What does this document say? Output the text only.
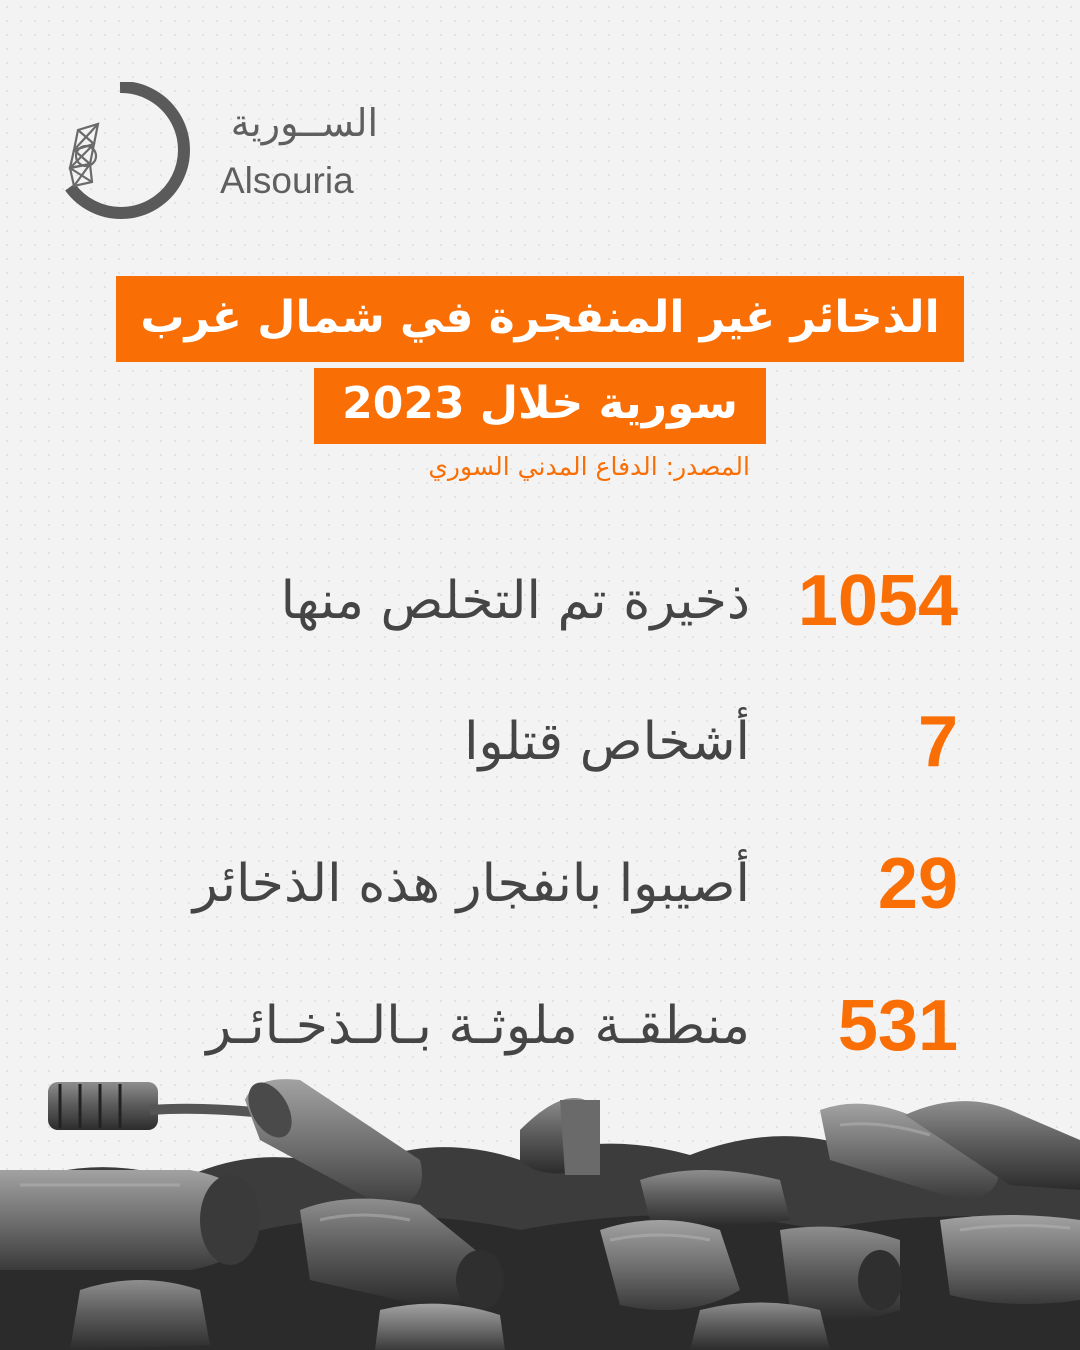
الســورية
Alsouria
الذخائر غير المنفجرة في شمال غرب
سورية خلال 2023
المصدر: الدفاع المدني السوري
1054
ذخيرة تم التخلص منها
7
أشخاص قتلوا
29
أصيبوا بانفجار هذه الذخائر
531
منطقـة ملوثـة بـالـذخـائـر
